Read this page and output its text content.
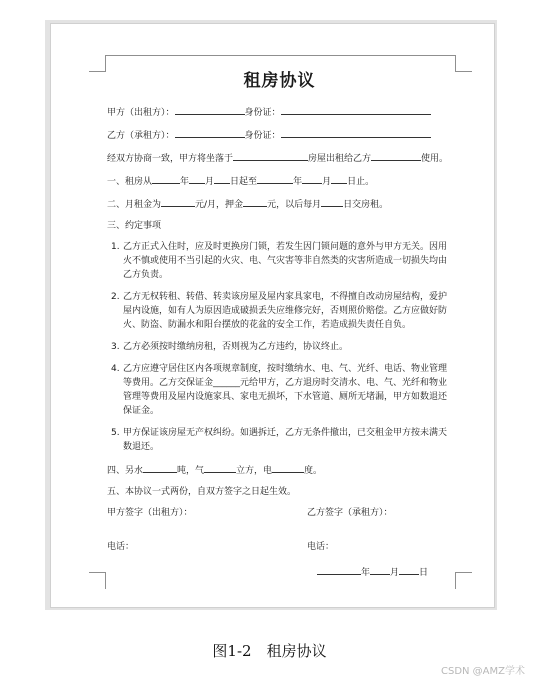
租房协议
甲方（出租方）：	身份证：
乙方（承租方）：	身份证：
经双方协商一致，甲方将坐落于	房屋出租给乙方	使用。
一、租房从	年 月 日起至	年 月 日止。
二、月租金为	元/月，押金	元，以后每月 日交房租。
三、约定事项
1. 乙方正式入住时，应及时更换房门锁，若发生因门锁问题的意外与甲方无关。因用火不慎或使用不当引起的火灾、电、气灾害等非自然类的灾害所造成一切损失均由乙方负责。
2. 乙方无权转租、转借、转卖该房屋及屋内家具家电，不得擅自改动房屋结构，爱护屋内设施，如有人为原因造成破损丢失应维修完好，否则照价赔偿。乙方应做好防火、防盗、防漏水和阳台摆放的花盆的安全工作，若造成损失责任自负。
3. 乙方必须按时缴纳房租，否则视为乙方违约，协议终止。
4. 乙方应遵守居住区内各项规章制度，按时缴纳水、电、气、光纤、电话、物业管理等费用。乙方交保证金______元给甲方，乙方退房时交清水、电、气、光纤和物业管理等费用及屋内设施家具、家电无损坏，下水管道、厕所无堵漏，甲方如数退还保证金。
5. 甲方保证该房屋无产权纠纷。如遇拆迁，乙方无条件撤出，已交租金甲方按未满天数退还。
四、另水	吨，气	立方，电	度。
五、本协议一式两份，自双方签字之日起生效。
甲方签字（出租方）：	乙方签字（承租方）：
电话：	电话：
年 月 日
图1-2　租房协议
CSDN @AMZ学术
